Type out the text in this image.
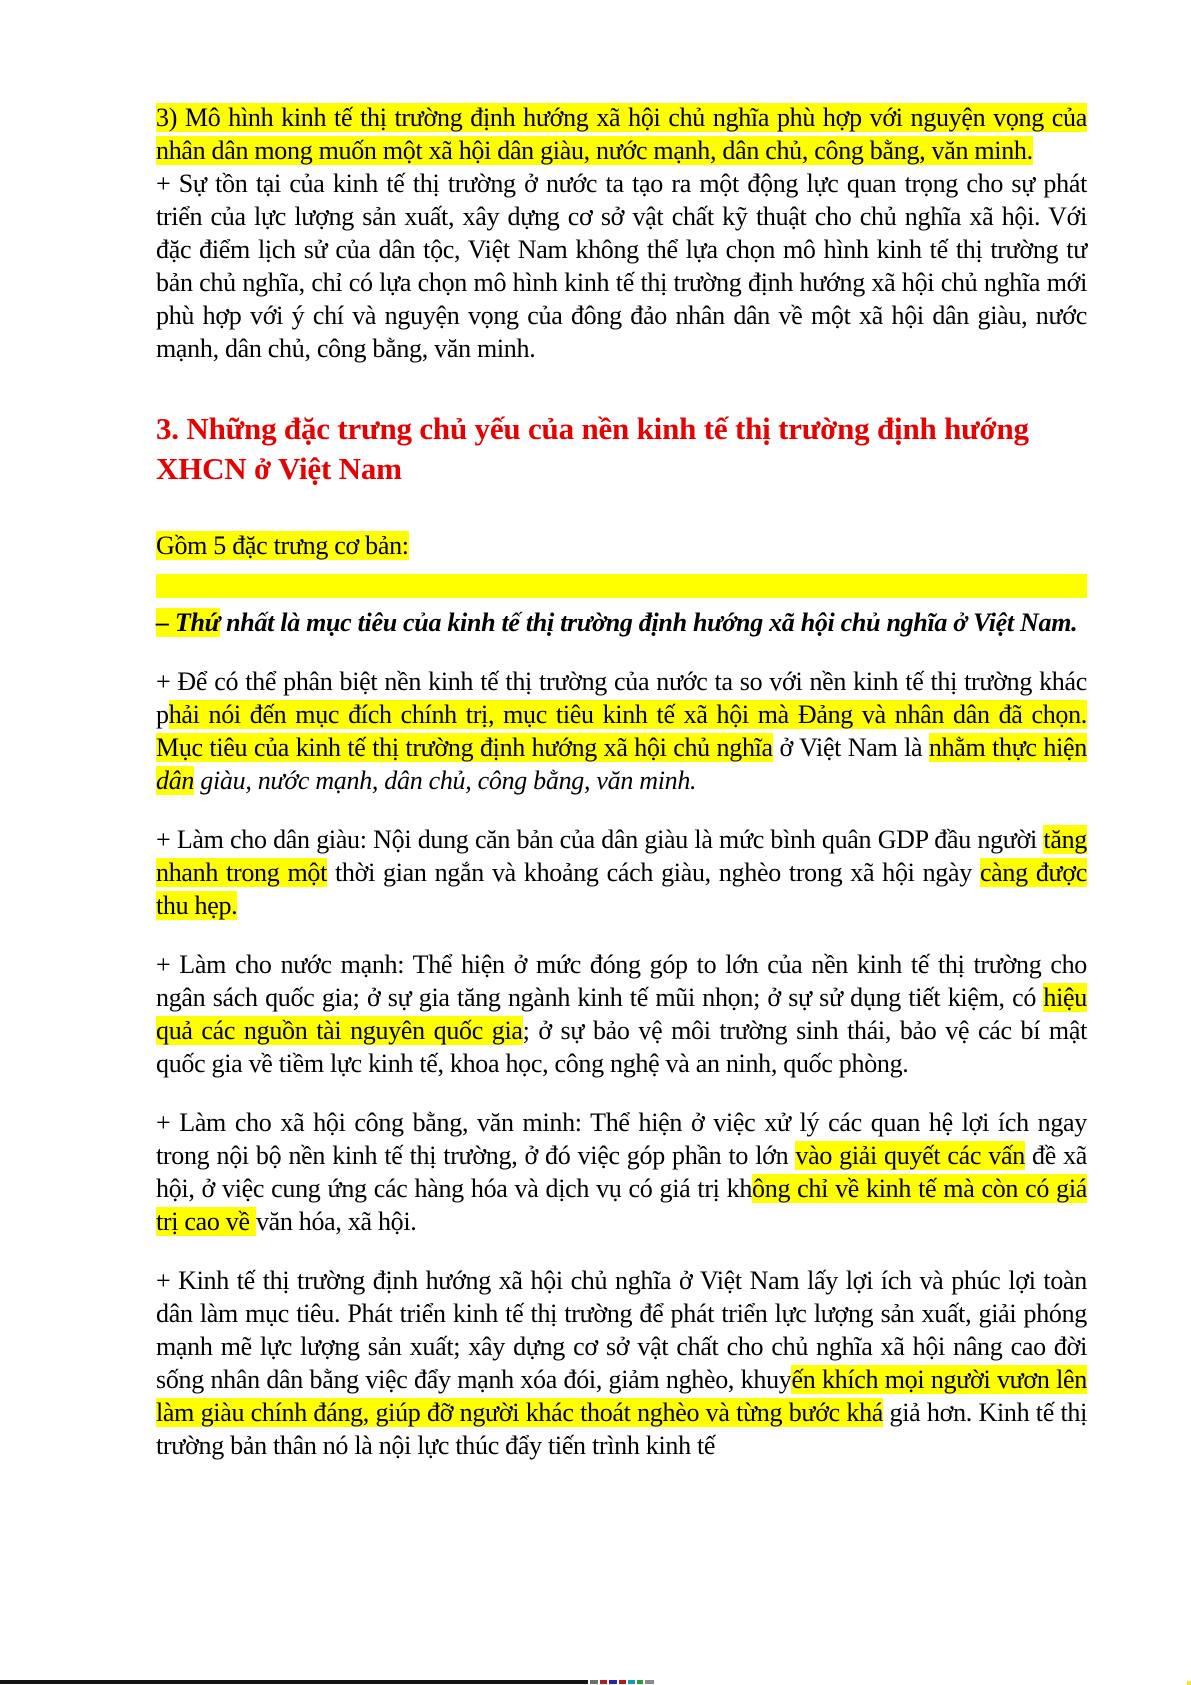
3) Mô hình kinh tế thị trường định hướng xã hội chủ nghĩa phù hợp với nguyện vọng của nhân dân mong muốn một xã hội dân giàu, nước mạnh, dân chủ, công bằng, văn minh.

+ Sự tồn tại của kinh tế thị trường ở nước ta tạo ra một động lực quan trọng cho sự phát triển của lực lượng sản xuất, xây dựng cơ sở vật chất kỹ thuật cho chủ nghĩa xã hội. Với đặc điểm lịch sử của dân tộc, Việt Nam không thể lựa chọn mô hình kinh tế thị trường tư bản chủ nghĩa, chỉ có lựa chọn mô hình kinh tế thị trường định hướng xã hội chủ nghĩa mới phù hợp với ý chí và nguyện vọng của đông đảo nhân dân về một xã hội dân giàu, nước mạnh, dân chủ, công bằng, văn minh.

3. Những đặc trưng chủ yếu của nền kinh tế thị trường định hướng XHCN ở Việt Nam

Gồm 5 đặc trưng cơ bản:

– Thứ nhất là mục tiêu của kinh tế thị trường định hướng xã hội chủ nghĩa ở Việt Nam.

+ Để có thể phân biệt nền kinh tế thị trường của nước ta so với nền kinh tế thị trường khác phải nói đến mục đích chính trị, mục tiêu kinh tế xã hội mà Đảng và nhân dân đã chọn. Mục tiêu của kinh tế thị trường định hướng xã hội chủ nghĩa ở Việt Nam là nhằm thực hiện dân giàu, nước mạnh, dân chủ, công bằng, văn minh.

+ Làm cho dân giàu: Nội dung căn bản của dân giàu là mức bình quân GDP đầu người tăng nhanh trong một thời gian ngắn và khoảng cách giàu, nghèo trong xã hội ngày càng được thu hẹp.

+ Làm cho nước mạnh: Thể hiện ở mức đóng góp to lớn của nền kinh tế thị trường cho ngân sách quốc gia; ở sự gia tăng ngành kinh tế mũi nhọn; ở sự sử dụng tiết kiệm, có hiệu quả các nguồn tài nguyên quốc gia; ở sự bảo vệ môi trường sinh thái, bảo vệ các bí mật quốc gia về tiềm lực kinh tế, khoa học, công nghệ và an ninh, quốc phòng.

+ Làm cho xã hội công bằng, văn minh: Thể hiện ở việc xử lý các quan hệ lợi ích ngay trong nội bộ nền kinh tế thị trường, ở đó việc góp phần to lớn vào giải quyết các vấn đề xã hội, ở việc cung ứng các hàng hóa và dịch vụ có giá trị không chỉ về kinh tế mà còn có giá trị cao về văn hóa, xã hội.

+ Kinh tế thị trường định hướng xã hội chủ nghĩa ở Việt Nam lấy lợi ích và phúc lợi toàn dân làm mục tiêu. Phát triển kinh tế thị trường để phát triển lực lượng sản xuất, giải phóng mạnh mẽ lực lượng sản xuất; xây dựng cơ sở vật chất cho chủ nghĩa xã hội nâng cao đời sống nhân dân bằng việc đẩy mạnh xóa đói, giảm nghèo, khuyến khích mọi người vươn lên làm giàu chính đáng, giúp đỡ người khác thoát nghèo và từng bước khá giả hơn. Kinh tế thị trường bản thân nó là nội lực thúc đẩy tiến trình kinh tế
